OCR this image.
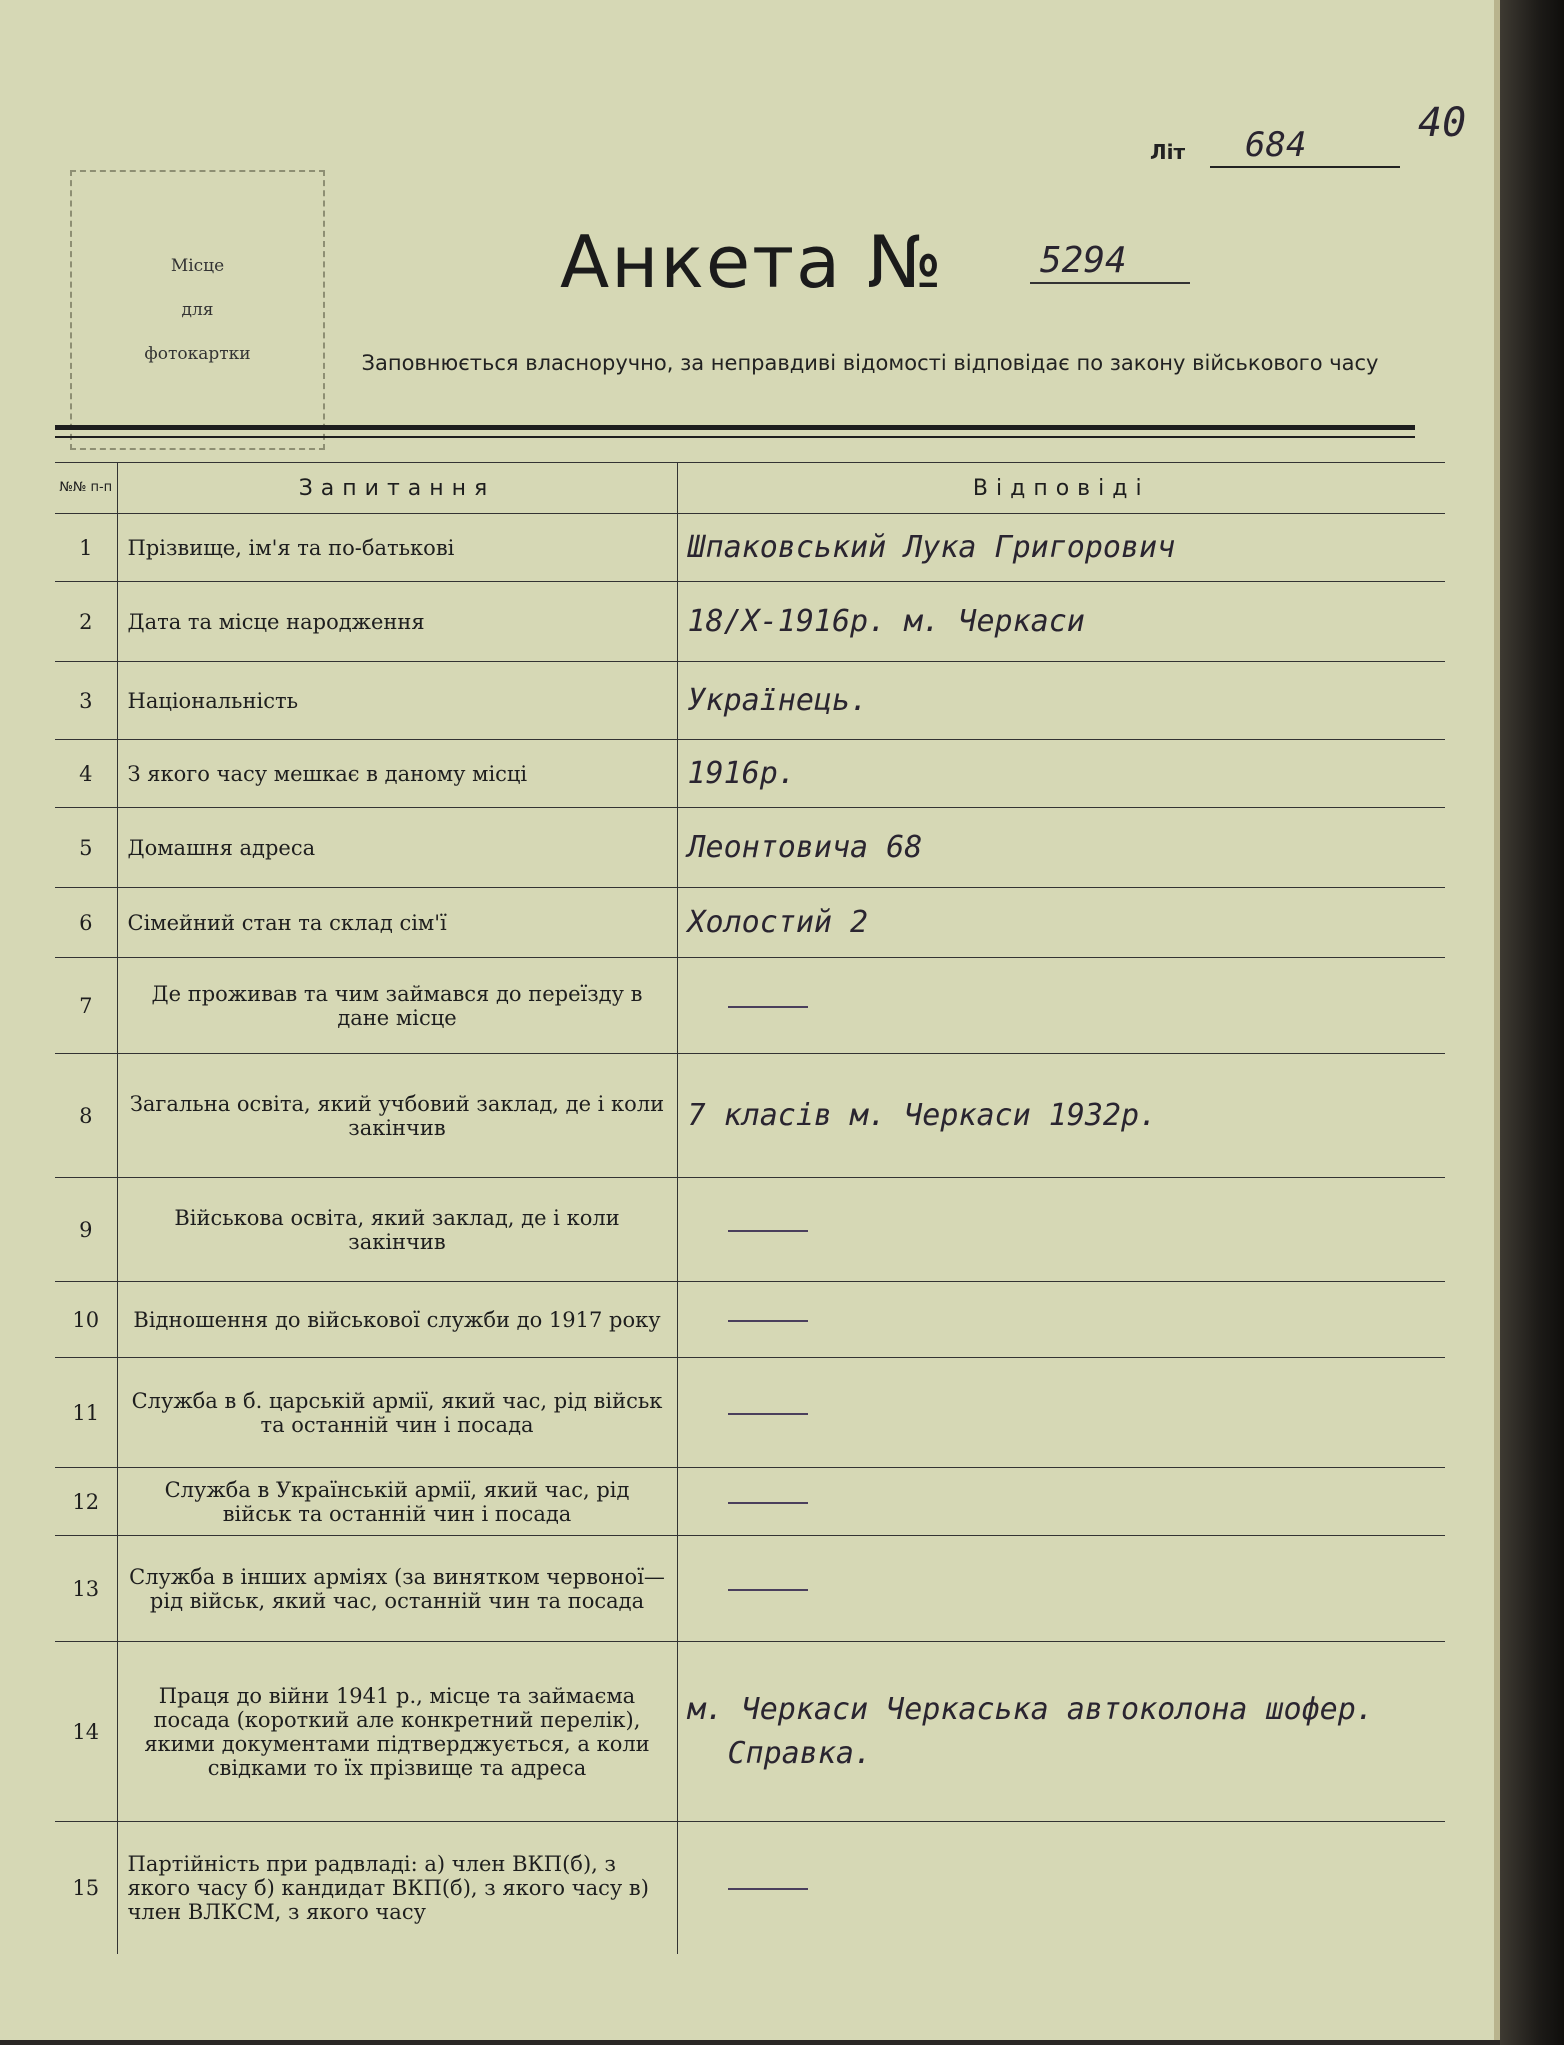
Місце
для
фотокартки
Літ 684	40
Анкета №	5294
Заповнюється власноручно, за неправдиві відомості відповідає по закону військового часу
№№ п-п	Запитання	Відповіді
1	Прізвище, ім'я та по-батькові	Шпаковський Лука Григорович
2	Дата та місце народження	18/X-1916р. м. Черкаси
3	Національність	Українець.
4	З якого часу мешкає в даному місці	1916р.
5	Домашня адреса	Леонтовича 68
6	Сімейний стан та склад сім'ї	Холостий 2
7	Де проживав та чим займався до переїзду в дане місце	
8	Загальна освіта, який учбовий заклад, де і коли закінчив	7 класів м. Черкаси 1932р.
9	Військова освіта, який заклад, де і коли закінчив	
10	Відношення до військової служби до 1917 року	
11	Служба в б. царській армії, який час, рід військ та останній чин і посада	
12	Служба в Українській армії, який час, рід військ та останній чин і посада	
13	Служба в інших арміях (за винятком червоної—рід військ, який час, останній чин та посада	
14	Праця до війни 1941 р., місце та займаєма посада (короткий але конкретний перелік), якими документами підтверджується, а коли свідками то їх прізвище та адреса	м. Черкаси Черкаська автоколона шофер.
Справка.

15	Партійність при радвладі: а) член ВКП(б), з якого часу б) кандидат ВКП(б), з якого часу в) член ВЛКСМ, з якого часу	
